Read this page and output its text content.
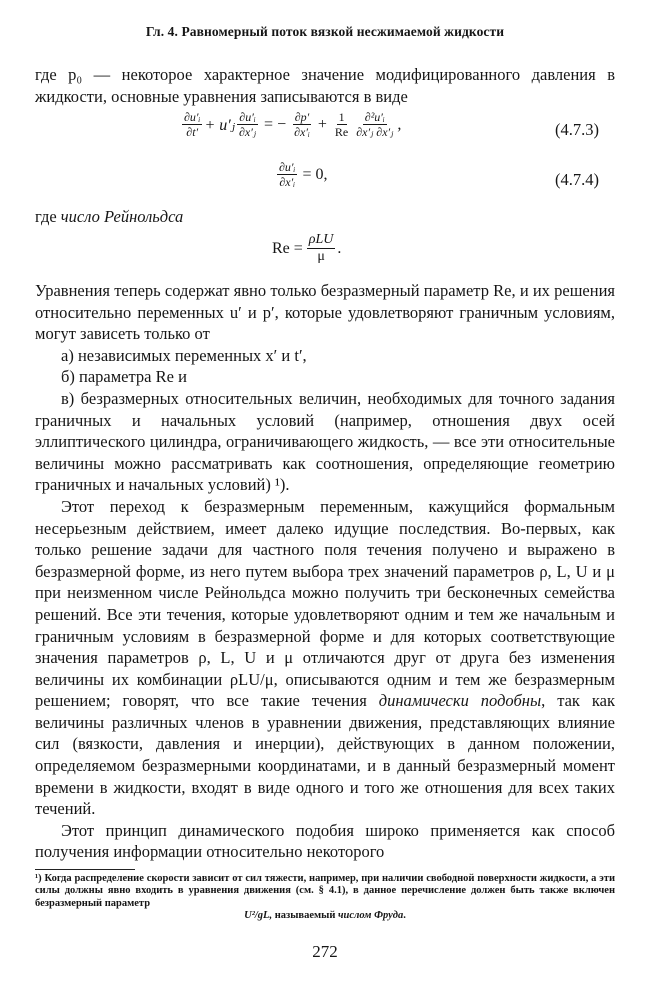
Гл. 4. Равномерный поток вязкой несжимаемой жидкости

где p₀ — некоторое характерное значение модифицированного давления в жидкости, основные уравнения записываются в виде

$\frac{\text{∂u′ᵢ}}{\partial t'}$ + u′ⱼ $\frac{\text{∂u′ᵢ}}{\text{∂x′ⱼ}}$ = − $\frac{\partial p'}{\text{∂x′ᵢ}} + \frac{1}{Re} \frac{\text{∂²u′ᵢ}}{\text{∂x′ⱼ ∂x′ⱼ}}$ ,	(4.7.3)
$\frac{\text{∂u′ᵢ}}{\text{∂x′ᵢ}} = 0$,	(4.7.4)

где число Рейнольдса

$Re = \frac{\text{ρLU}}{\mu}$ .

Уравнения теперь содержат явно только безразмерный параметр Re, и их решения относительно переменных u′ и p′, которые удовлетворяют граничным условиям, могут зависеть только от

а) независимых переменных x′ и t′,

б) параметра Re и

в) безразмерных относительных величин, необходимых для точного задания граничных и начальных условий (например, отношения двух осей эллиптического цилиндра, ограничивающего жидкость, — все эти относительные величины можно рассматривать как соотношения, определяющие геометрию граничных и начальных условий) ¹).

Этот переход к безразмерным переменным, кажущийся формальным несерьезным действием, имеет далеко идущие последствия. Во-первых, как только решение задачи для частного поля течения получено и выражено в безразмерной форме, из него путем выбора трех значений параметров ρ, L, U и μ при неизменном числе Рейнольдса можно получить три бесконечных семейства решений. Все эти течения, которые удовлетворяют одним и тем же начальным и граничным условиям в безразмерной форме и для которых соответствующие значения параметров ρ, L, U и μ отличаются друг от друга без изменения величины их комбинации ρLU/μ, описываются одним и тем же безразмерным решением; говорят, что все такие течения динамически подобны, так как величины различных членов в уравнении движения, представляющих влияние сил (вязкости, давления и инерции), действующих в данном положении, определяемом безразмерными координатами, и в данный безразмерный момент времени в жидкости, входят в виде одного и того же отношения для всех таких течений.

Этот принцип динамического подобия широко применяется как способ получения информации относительно некоторого

¹) Когда распределение скорости зависит от сил тяжести, например, при наличии свободной поверхности жидкости, а эти силы должны явно входить в уравнения движения (см. § 4.1), в данное перечисление должен быть также включен безразмерный параметр
U²/gL, называемый числом Фруда.
272
